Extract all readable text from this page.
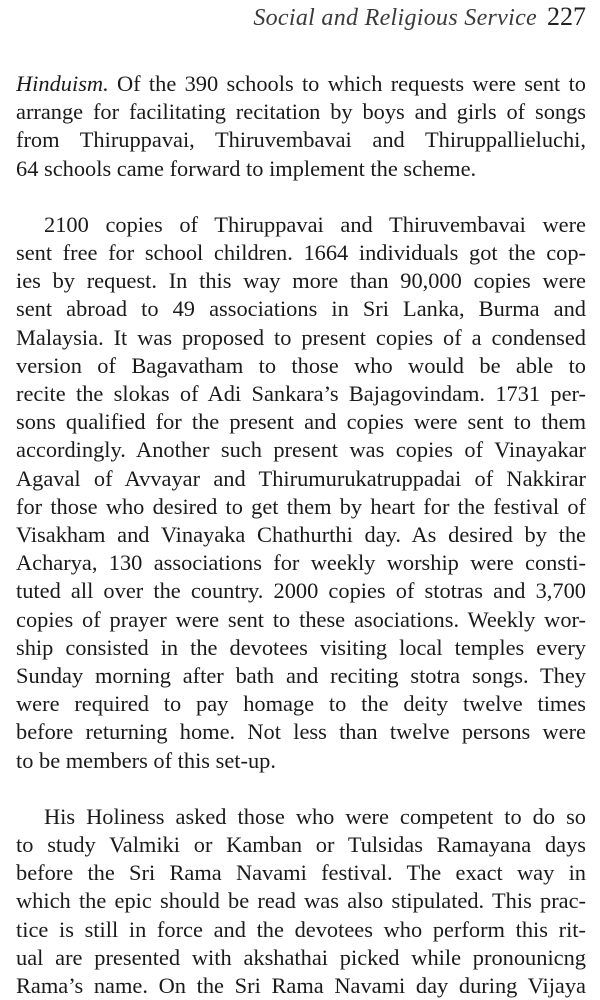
Social and Religious Service 227

Hinduism. Of the 390 schools to which requests were sent to
arrange for facilitating recitation by boys and girls of songs
from Thiruppavai, Thiruvembavai and Thiruppallieluchi,
64 schools came forward to implement the scheme.

2100 copies of Thiruppavai and Thiruvembavai were
sent free for school children. 1664 individuals got the cop-
ies by request. In this way more than 90,000 copies were
sent abroad to 49 associations in Sri Lanka, Burma and
Malaysia. It was proposed to present copies of a condensed
version of Bagavatham to those who would be able to
recite the slokas of Adi Sankara’s Bajagovindam. 1731 per-
sons qualified for the present and copies were sent to them
accordingly. Another such present was copies of Vinayakar
Agaval of Avvayar and Thirumurukatruppadai of Nakkirar
for those who desired to get them by heart for the festival of
Visakham and Vinayaka Chathurthi day. As desired by the
Acharya, 130 associations for weekly worship were consti-
tuted all over the country. 2000 copies of stotras and 3,700
copies of prayer were sent to these asociations. Weekly wor-
ship consisted in the devotees visiting local temples every
Sunday morning after bath and reciting stotra songs. They
were required to pay homage to the deity twelve times
before returning home. Not less than twelve persons were
to be members of this set-up.

His Holiness asked those who were competent to do so
to study Valmiki or Kamban or Tulsidas Ramayana days
before the Sri Rama Navami festival. The exact way in
which the epic should be read was also stipulated. This prac-
tice is still in force and the devotees who perform this rit-
ual are presented with akshathai picked while pronounicng
Rama’s name. On the Sri Rama Navami day during Vijaya
